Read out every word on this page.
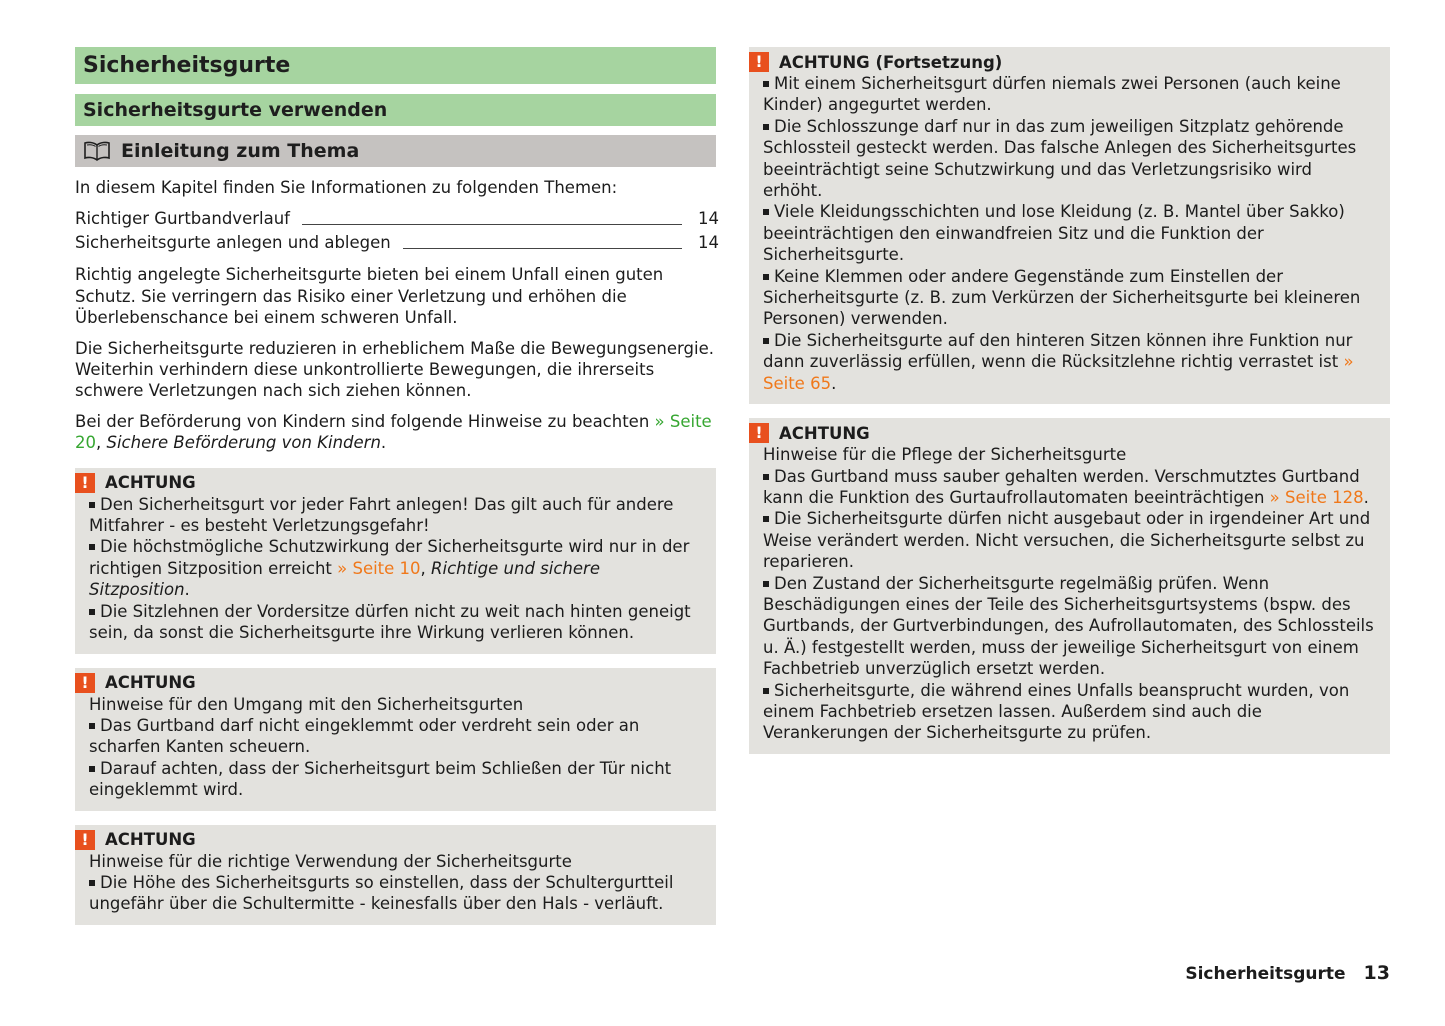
Sicherheitsgurte
Sicherheitsgurte verwenden
Einleitung zum Thema

In diesem Kapitel finden Sie Informationen zu folgenden Themen:

Richtiger Gurtbandverlauf	14
Sicherheitsgurte anlegen und ablegen	14

Richtig angelegte Sicherheitsgurte bieten bei einem Unfall einen guten Schutz. Sie verringern das Risiko einer Verletzung und erhöhen die Überlebenschance bei einem schweren Unfall.

Die Sicherheitsgurte reduzieren in erheblichem Maße die Bewegungsenergie. Weiterhin verhindern diese unkontrollierte Bewegungen, die ihrerseits schwere Verletzungen nach sich ziehen können.

Bei der Beförderung von Kindern sind folgende Hinweise zu beachten » Seite 20, Sichere Beförderung von Kindern.

! ACHTUNG

Den Sicherheitsgurt vor jeder Fahrt anlegen! Das gilt auch für andere Mitfahrer - es besteht Verletzungsgefahr!

Die höchstmögliche Schutzwirkung der Sicherheitsgurte wird nur in der richtigen Sitzposition erreicht » Seite 10, Richtige und sichere Sitzposition.

Die Sitzlehnen der Vordersitze dürfen nicht zu weit nach hinten geneigt sein, da sonst die Sicherheitsgurte ihre Wirkung verlieren können.

! ACHTUNG

Hinweise für den Umgang mit den Sicherheitsgurten

Das Gurtband darf nicht eingeklemmt oder verdreht sein oder an scharfen Kanten scheuern.

Darauf achten, dass der Sicherheitsgurt beim Schließen der Tür nicht eingeklemmt wird.

! ACHTUNG

Hinweise für die richtige Verwendung der Sicherheitsgurte

Die Höhe des Sicherheitsgurts so einstellen, dass der Schultergurtteil ungefähr über die Schultermitte - keinesfalls über den Hals - verläuft.

! ACHTUNG (Fortsetzung)

Mit einem Sicherheitsgurt dürfen niemals zwei Personen (auch keine Kinder) angegurtet werden.

Die Schlosszunge darf nur in das zum jeweiligen Sitzplatz gehörende Schlossteil gesteckt werden. Das falsche Anlegen des Sicherheitsgurtes beeinträchtigt seine Schutzwirkung und das Verletzungsrisiko wird erhöht.

Viele Kleidungsschichten und lose Kleidung (z. B. Mantel über Sakko) beeinträchtigen den einwandfreien Sitz und die Funktion der Sicherheitsgurte.

Keine Klemmen oder andere Gegenstände zum Einstellen der Sicherheitsgurte (z. B. zum Verkürzen der Sicherheitsgurte bei kleineren Personen) verwenden.

Die Sicherheitsgurte auf den hinteren Sitzen können ihre Funktion nur dann zuverlässig erfüllen, wenn die Rücksitzlehne richtig verrastet ist » Seite 65.

! ACHTUNG

Hinweise für die Pflege der Sicherheitsgurte

Das Gurtband muss sauber gehalten werden. Verschmutztes Gurtband kann die Funktion des Gurtaufrollautomaten beeinträchtigen » Seite 128.

Die Sicherheitsgurte dürfen nicht ausgebaut oder in irgendeiner Art und Weise verändert werden. Nicht versuchen, die Sicherheitsgurte selbst zu reparieren.

Den Zustand der Sicherheitsgurte regelmäßig prüfen. Wenn Beschädigungen eines der Teile des Sicherheitsgurtsystems (bspw. des Gurtbands, der Gurtverbindungen, des Aufrollautomaten, des Schlossteils u. Ä.) festgestellt werden, muss der jeweilige Sicherheitsgurt von einem Fachbetrieb unverzüglich ersetzt werden.

Sicherheitsgurte, die während eines Unfalls beansprucht wurden, von einem Fachbetrieb ersetzen lassen. Außerdem sind auch die Verankerungen der Sicherheitsgurte zu prüfen.

Sicherheitsgurte 13
